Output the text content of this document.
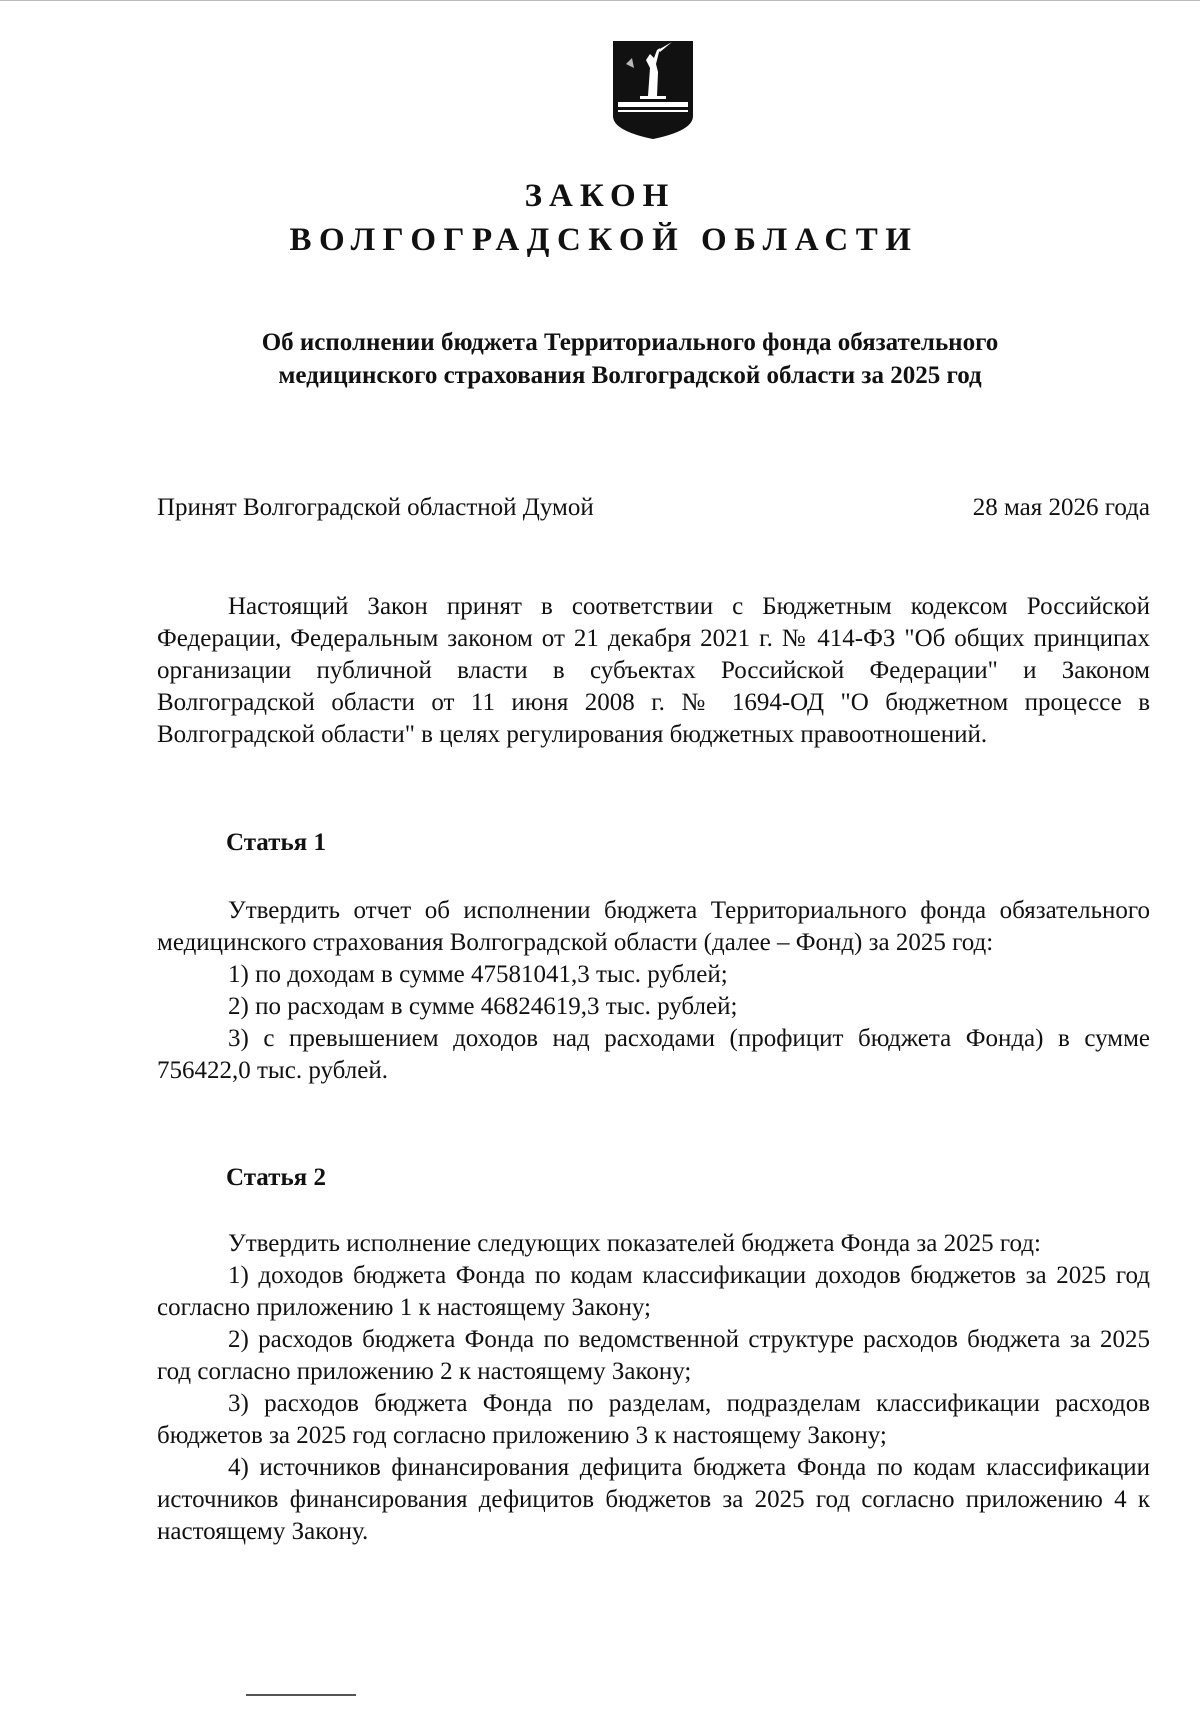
ЗАКОН
ВОЛГОГРАДСКОЙ ОБЛАСТИ
Об исполнении бюджета Территориального фонда обязательного
медицинского страхования Волгоградской области за 2025 год
Принят Волгоградской областной Думой	28 мая 2026 года

Настоящий Закон принят в соответствии с Бюджетным кодексом Российской Федерации, Федеральным законом от 21 декабря 2021 г. № 414-ФЗ "Об общих принципах организации публичной власти в субъектах Российской Федерации" и Законом Волгоградской области от 11 июня 2008 г. № 1694-ОД "О бюджетном процессе в Волгоградской области" в целях регулирования бюджетных правоотношений.

Статья 1

Утвердить отчет об исполнении бюджета Территориального фонда обязательного медицинского страхования Волгоградской области (далее – Фонд) за 2025 год:

1) по доходам в сумме 47581041,3 тыс. рублей;

2) по расходам в сумме 46824619,3 тыс. рублей;

3) с превышением доходов над расходами (профицит бюджета Фонда) в сумме 756422,0 тыс. рублей.

Статья 2

Утвердить исполнение следующих показателей бюджета Фонда за 2025 год:

1) доходов бюджета Фонда по кодам классификации доходов бюджетов за 2025 год согласно приложению 1 к настоящему Закону;

2) расходов бюджета Фонда по ведомственной структуре расходов бюджета за 2025 год согласно приложению 2 к настоящему Закону;

3) расходов бюджета Фонда по разделам, подразделам классификации расходов бюджетов за 2025 год согласно приложению 3 к настоящему Закону;

4) источников финансирования дефицита бюджета Фонда по кодам классификации источников финансирования дефицитов бюджетов за 2025 год согласно приложению 4 к настоящему Закону.
